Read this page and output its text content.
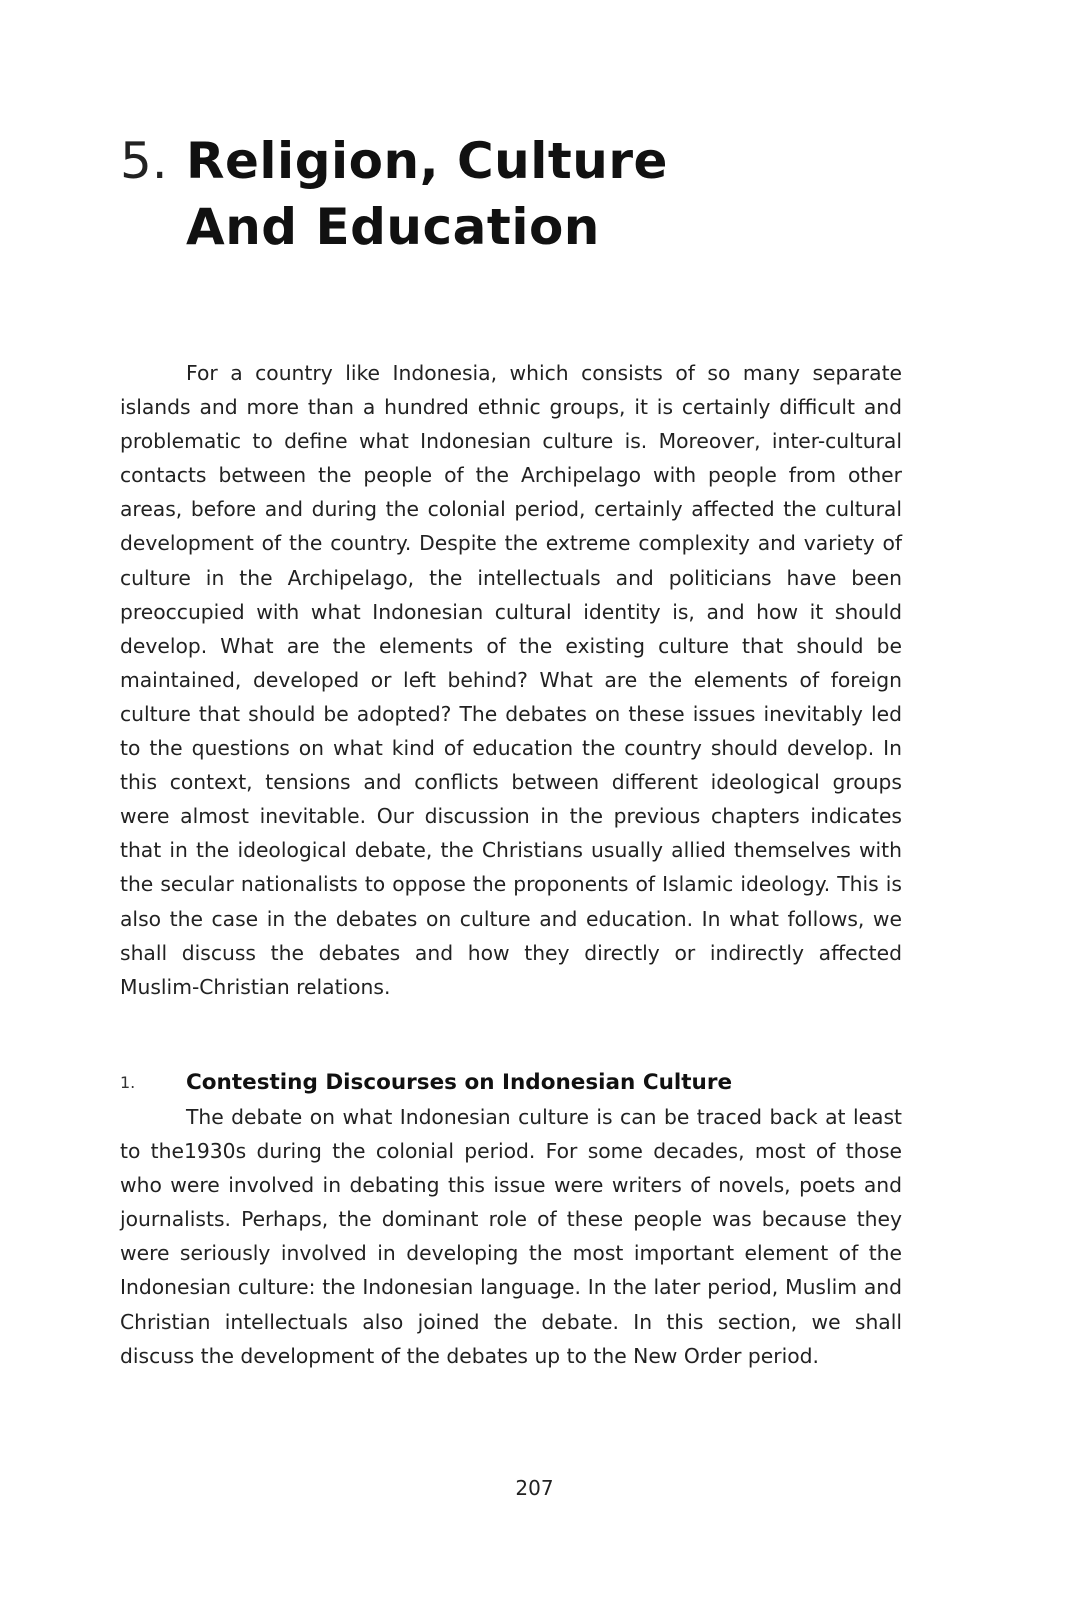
5. Religion, Culture
And Education

For a country like Indonesia, which consists of so many separate islands and more than a hundred ethnic groups, it is certainly difficult and problematic to define what Indonesian culture is. Moreover, inter-cultural contacts between the people of the Archipelago with people from other areas, before and during the colonial period, certainly affected the cultural development of the country. Despite the extreme complexity and variety of culture in the Archipelago, the intellectuals and politicians have been preoccupied with what Indonesian cultural identity is, and how it should develop. What are the elements of the existing culture that should be maintained, developed or left behind? What are the elements of foreign culture that should be adopted? The debates on these issues inevitably led to the questions on what kind of education the country should develop. In this context, tensions and conflicts between different ideological groups were almost inevitable. Our discussion in the previous chapters indicates that in the ideological debate, the Christians usually allied themselves with the secular nationalists to oppose the proponents of Islamic ideology. This is also the case in the debates on culture and education. In what follows, we shall discuss the debates and how they directly or indirectly affected Muslim-Christian relations.

1. Contesting Discourses on Indonesian Culture

The debate on what Indonesian culture is can be traced back at least to the1930s during the colonial period. For some decades, most of those who were involved in debating this issue were writers of novels, poets and journalists. Perhaps, the dominant role of these people was because they were seriously involved in developing the most important element of the Indonesian culture: the Indonesian language. In the later period, Muslim and Christian intellectuals also joined the debate. In this section, we shall discuss the development of the debates up to the New Order period.

207
